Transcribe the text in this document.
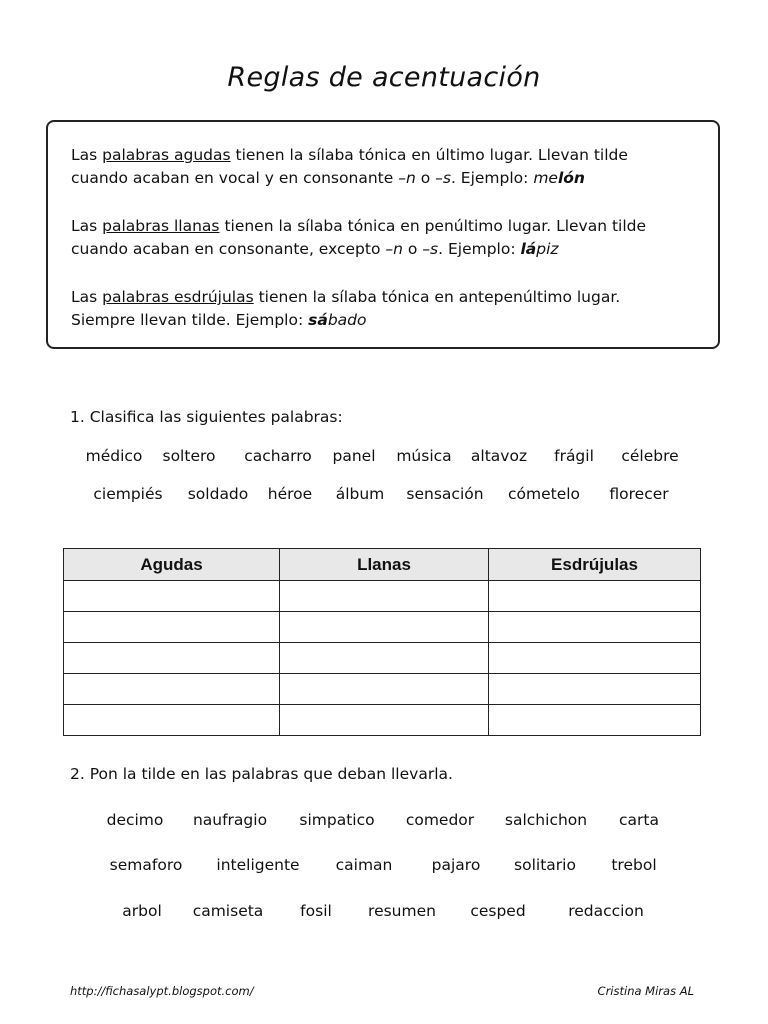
Reglas de acentuación
Las palabras agudas tienen la sílaba tónica en último lugar. Llevan tilde
cuando acaban en vocal y en consonante –n o –s. Ejemplo: melón
Las palabras llanas tienen la sílaba tónica en penúltimo lugar. Llevan tilde
cuando acaban en consonante, excepto –n o –s. Ejemplo: lápiz
Las palabras esdrújulas tienen la sílaba tónica en antepenúltimo lugar.
Siempre llevan tilde. Ejemplo: sábado
1. Clasifica las siguientes palabras:
médico soltero cacharro panel música altavoz frágil célebre
ciempiés soldado héroe álbum sensación cómetelo florecer
Agudas	Llanas	Esdrújulas

2. Pon la tilde en las palabras que deban llevarla.
decimo naufragio simpatico comedor salchichon carta
semaforo inteligente caiman	pajaro solitario trebol
arbol camiseta fosil resumen cesped	redaccion
http://fichasalypt.blogspot.com/	Cristina Miras AL
